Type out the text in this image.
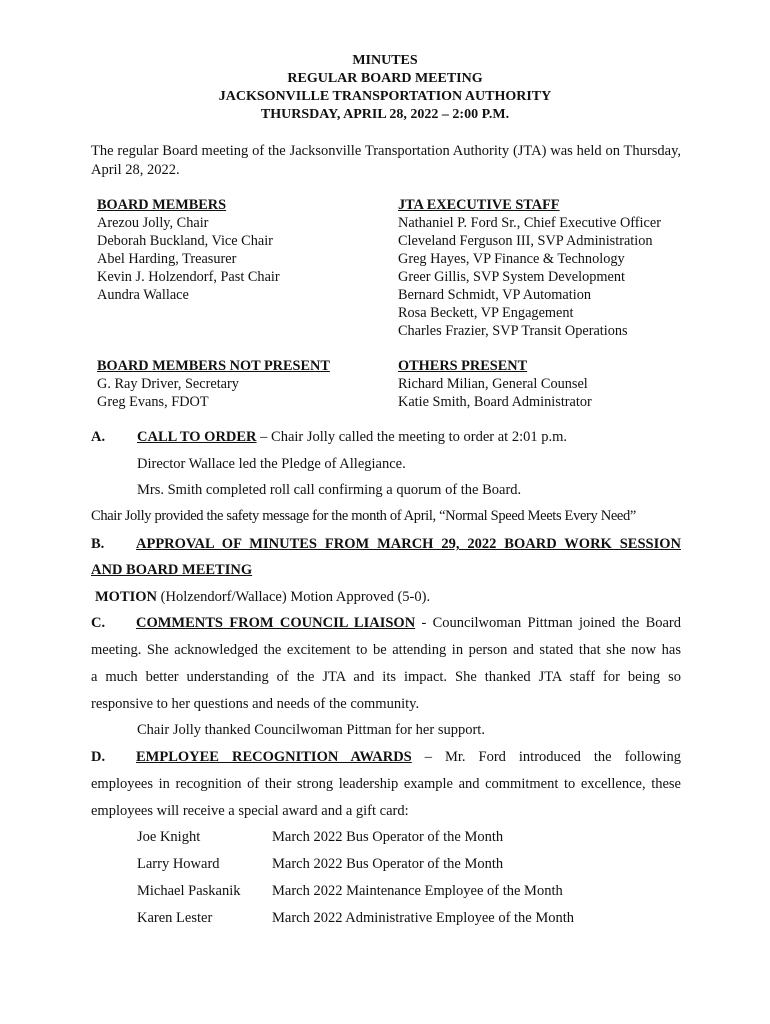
MINUTES
REGULAR BOARD MEETING
JACKSONVILLE TRANSPORTATION AUTHORITY
THURSDAY, APRIL 28, 2022 – 2:00 P.M.
The regular Board meeting of the Jacksonville Transportation Authority (JTA) was held on Thursday, April 28, 2022.
BOARD MEMBERS
Arezou Jolly, Chair
Deborah Buckland, Vice Chair
Abel Harding, Treasurer
Kevin J. Holzendorf, Past Chair
Aundra Wallace
JTA EXECUTIVE STAFF
Nathaniel P. Ford Sr., Chief Executive Officer
Cleveland Ferguson III, SVP Administration
Greg Hayes, VP Finance & Technology
Greer Gillis, SVP System Development
Bernard Schmidt, VP Automation
Rosa Beckett, VP Engagement
Charles Frazier, SVP Transit Operations
BOARD MEMBERS NOT PRESENT
G. Ray Driver, Secretary
Greg Evans, FDOT
OTHERS PRESENT
Richard Milian, General Counsel
Katie Smith, Board Administrator
A. CALL TO ORDER – Chair Jolly called the meeting to order at 2:01 p.m.
Director Wallace led the Pledge of Allegiance.
Mrs. Smith completed roll call confirming a quorum of the Board.
Chair Jolly provided the safety message for the month of April, “Normal Speed Meets Every Need”
B. APPROVAL OF MINUTES FROM MARCH 29, 2022 BOARD WORK SESSION
AND BOARD MEETING
MOTION (Holzendorf/Wallace) Motion Approved (5-0).
C. COMMENTS FROM COUNCIL LIAISON - Councilwoman Pittman joined the Board
meeting. She acknowledged the excitement to be attending in person and stated that she now has
a much better understanding of the JTA and its impact. She thanked JTA staff for being so
responsive to her questions and needs of the community.
Chair Jolly thanked Councilwoman Pittman for her support.
D. EMPLOYEE RECOGNITION AWARDS – Mr. Ford introduced the following
employees in recognition of their strong leadership example and commitment to excellence, these
employees will receive a special award and a gift card:
Joe Knight	March 2022 Bus Operator of the Month
Larry Howard	March 2022 Bus Operator of the Month
Michael Paskanik March 2022 Maintenance Employee of the Month
Karen Lester	March 2022 Administrative Employee of the Month
